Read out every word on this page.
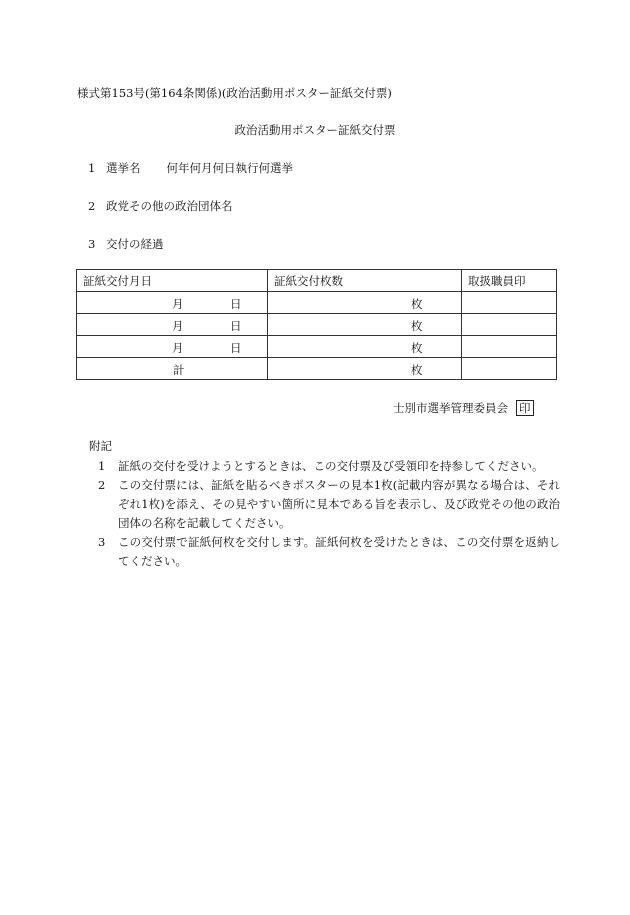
様式第153号(第164条関係)(政治活動用ポスター証紙交付票)
政治活動用ポスター証紙交付票
1 選挙名 何年何月何日執行何選挙
2 政党その他の政治団体名
3 交付の経過
証紙交付月日	証紙交付枚数	取扱職員印

月 日	枚	

月 日	枚	

月 日	枚	

計	枚	

士別市選挙管理委員会 印
附記
1 証紙の交付を受けようとするときは、この交付票及び受領印を持参してください。
2 この交付票には、証紙を貼るべきポスターの見本1枚(記載内容が異なる場合は、それぞれ1枚)を添え、その見やすい箇所に見本である旨を表示し、及び政党その他の政治団体の名称を記載してください。
3 この交付票で証紙何枚を交付します。証紙何枚を受けたときは、この交付票を返納してください。
